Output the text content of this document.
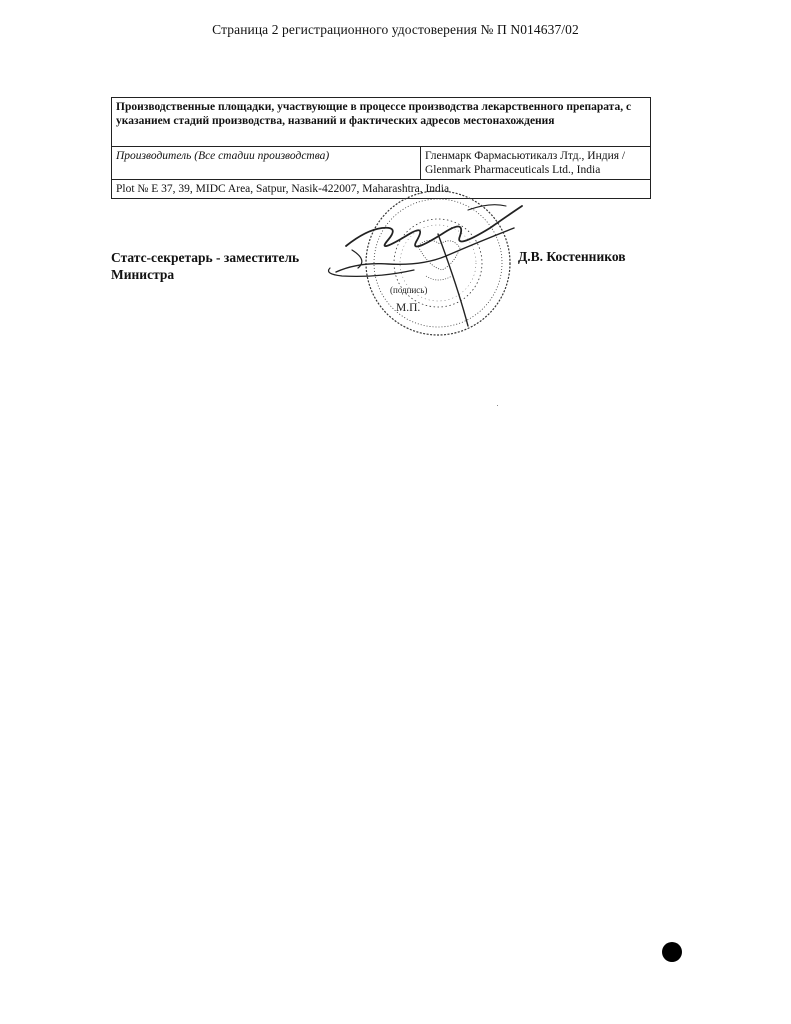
Страница 2 регистрационного удостоверения № П N014637/02
Производственные площадки, участвующие в процессе производства лекарственного препарата, с указанием стадий производства, названий и фактических адресов местонахождения
Производитель (Все стадии производства)	Гленмарк Фармасьютикалз Лтд., Индия / Glenmark Pharmaceuticals Ltd., India
Plot № E 37, 39, MIDC Area, Satpur, Nasik-422007, Maharashtra, India
Статс-секретарь - заместитель Министра
Д.В. Костенников
(подпись)
М.П.
